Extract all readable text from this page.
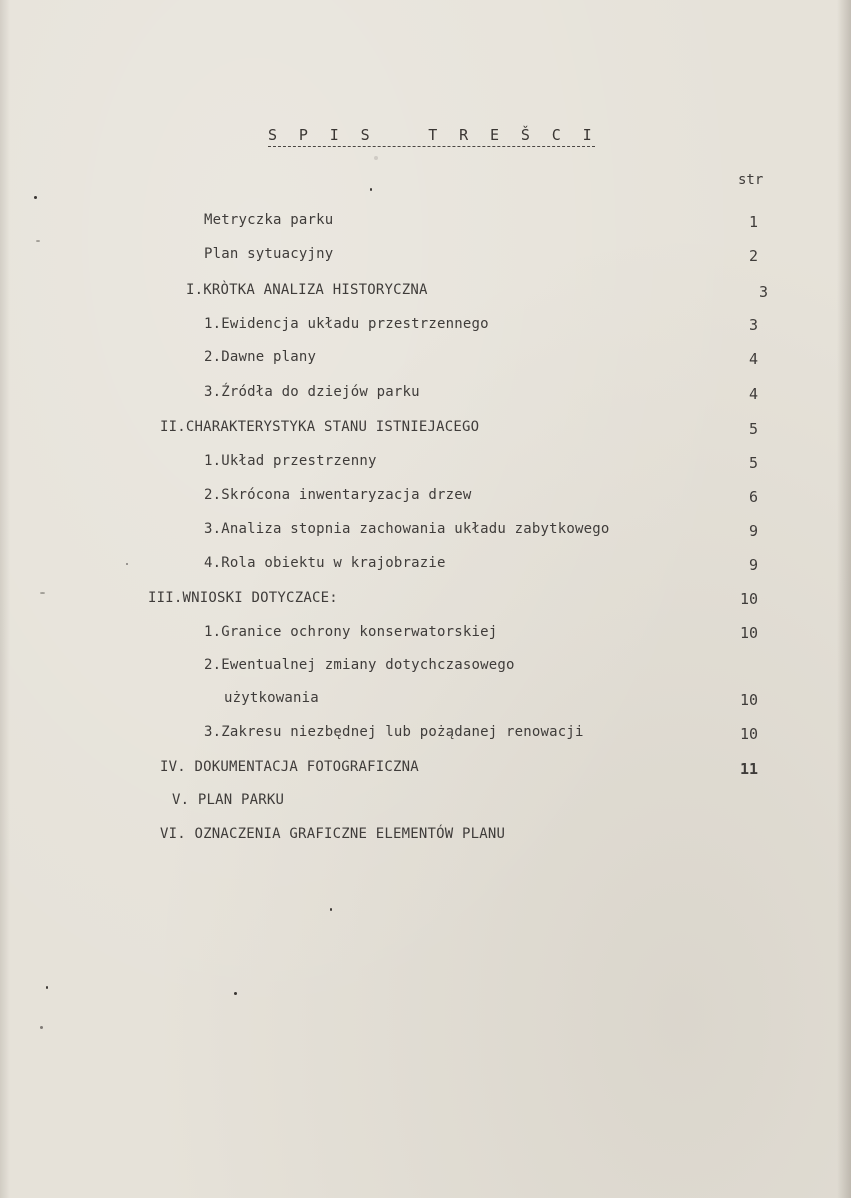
S P I S   T R E Š C I
str
Metryczka parku	1
Plan sytuacyjny	2
I.KRÒTKA ANALIZA HISTORYCZNA	3
1.Ewidencja układu przestrzennego	3
2.Dawne plany	4
3.Źródła do dziejów parku	4
II.CHARAKTERYSTYKA STANU ISTNIEJACEGO	5
1.Układ przestrzenny	5
2.Skrócona inwentaryzacja drzew	6
3.Analiza stopnia zachowania układu zabytkowego	9
4.Rola obiektu w krajobrazie	9
III.WNIOSKI DOTYCZACE:	10
1.Granice ochrony konserwatorskiej	10
2.Ewentualnej zmiany dotychczasowego
użytkowania	10
3.Zakresu niezbędnej lub pożądanej renowacji	10
IV. DOKUMENTACJA FOTOGRAFICZNA	11
V. PLAN PARKU
VI. OZNACZENIA GRAFICZNE ELEMENTÓW PLANU
